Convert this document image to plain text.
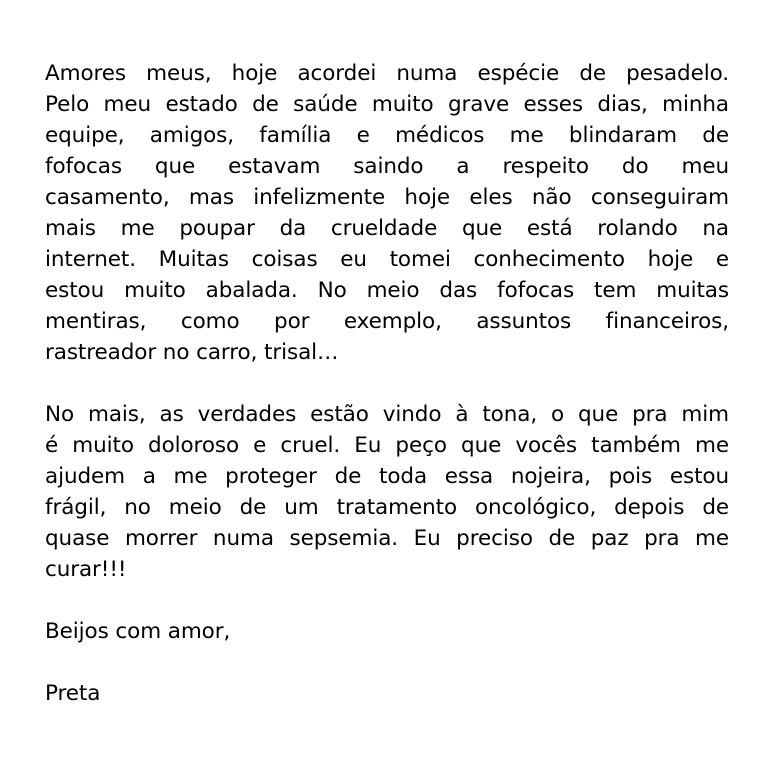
Amores meus, hoje acordei numa espécie de pesadelo.
Pelo meu estado de saúde muito grave esses dias, minha
equipe, amigos, família e médicos me blindaram de
fofocas que estavam saindo a respeito do meu
casamento, mas infelizmente hoje eles não conseguiram
mais me poupar da crueldade que está rolando na
internet. Muitas coisas eu tomei conhecimento hoje e
estou muito abalada. No meio das fofocas tem muitas
mentiras, como por exemplo, assuntos financeiros,
rastreador no carro, trisal…

No mais, as verdades estão vindo à tona, o que pra mim
é muito doloroso e cruel. Eu peço que vocês também me
ajudem a me proteger de toda essa nojeira, pois estou
frágil, no meio de um tratamento oncológico, depois de
quase morrer numa sepsemia. Eu preciso de paz pra me
curar!!!

Beijos com amor,

Preta
